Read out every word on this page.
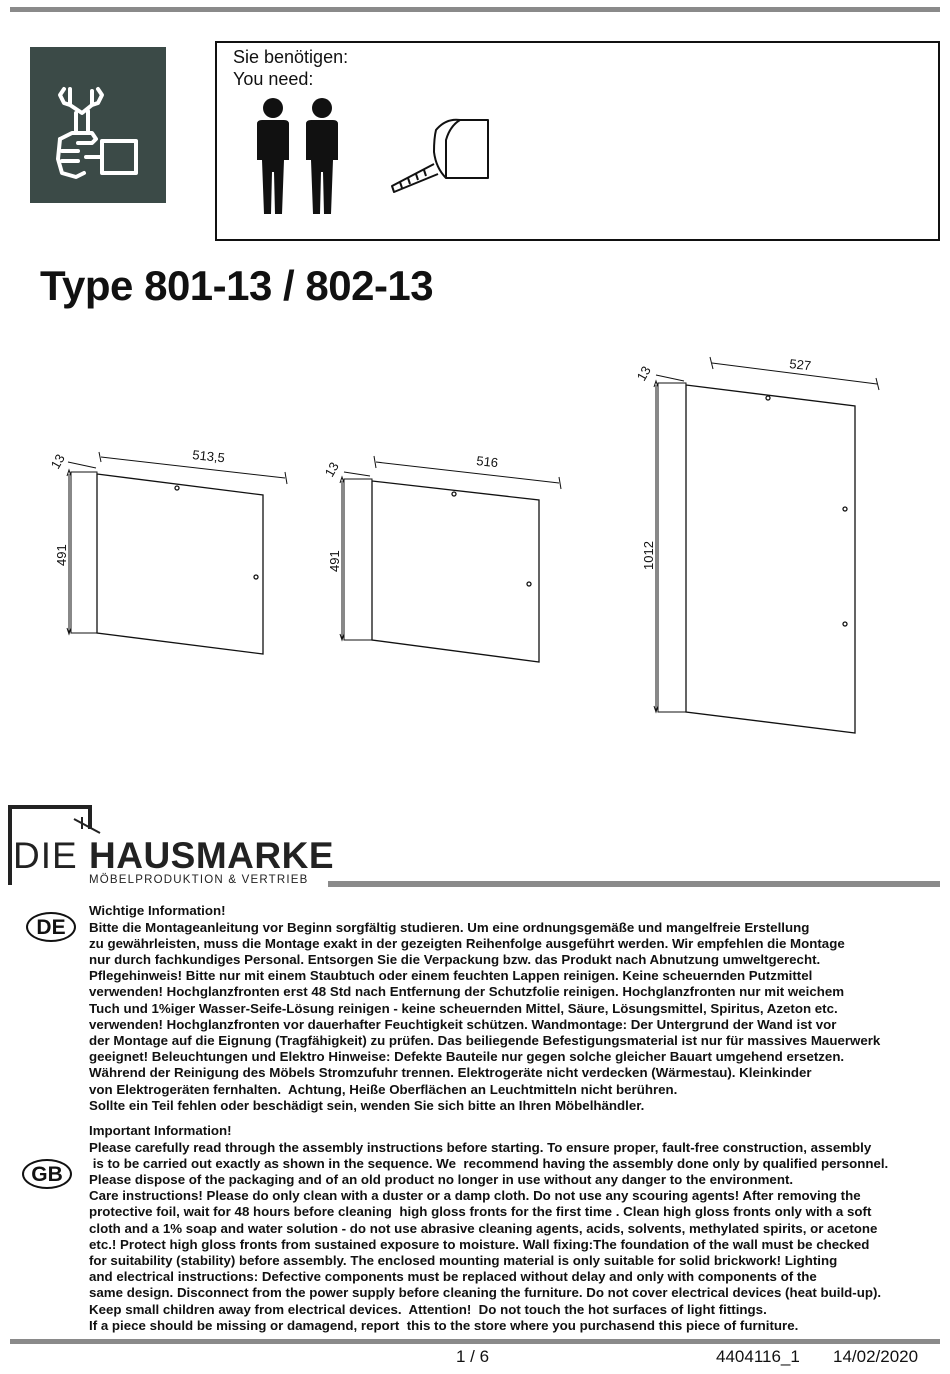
Sie benötigen:
You need:
Type 801-13 / 802-13
513,5
491
13	516
491
13
527
1012
13
DIE HAUSMARKE
MÖBELPRODUKTION & VERTRIEB
DE
Wichtige Information!
Bitte die Montageanleitung vor Beginn sorgfältig studieren. Um eine ordnungsgemäße und mangelfreie Erstellung
zu gewährleisten, muss die Montage exakt in der gezeigten Reihenfolge ausgeführt werden. Wir empfehlen die Montage
nur durch fachkundiges Personal. Entsorgen Sie die Verpackung bzw. das Produkt nach Abnutzung umweltgerecht.
Pflegehinweis! Bitte nur mit einem Staubtuch oder einem feuchten Lappen reinigen. Keine scheuernden Putzmittel
verwenden! Hochglanzfronten erst 48 Std nach Entfernung der Schutzfolie reinigen. Hochglanzfronten nur mit weichem
Tuch und 1%iger Wasser-Seife-Lösung reinigen - keine scheuernden Mittel, Säure, Lösungsmittel, Spiritus, Azeton etc.
verwenden! Hochglanzfronten vor dauerhafter Feuchtigkeit schützen. Wandmontage: Der Untergrund der Wand ist vor
der Montage auf die Eignung (Tragfähigkeit) zu prüfen. Das beiliegende Befestigungsmaterial ist nur für massives Mauerwerk
geeignet! Beleuchtungen und Elektro Hinweise: Defekte Bauteile nur gegen solche gleicher Bauart umgehend ersetzen.
Während der Reinigung des Möbels Stromzufuhr trennen. Elektrogeräte nicht verdecken (Wärmestau). Kleinkinder
von Elektrogeräten fernhalten.  Achtung, Heiße Oberflächen an Leuchtmitteln nicht berühren.
Sollte ein Teil fehlen oder beschädigt sein, wenden Sie sich bitte an Ihren Möbelhändler.
GB
Important Information!
Please carefully read through the assembly instructions before starting. To ensure proper, fault-free construction, assembly
is to be carried out exactly as shown in the sequence. We  recommend having the assembly done only by qualified personnel.
Please dispose of the packaging and of an old product no longer in use without any danger to the environment.
Care instructions! Please do only clean with a duster or a damp cloth. Do not use any scouring agents! After removing the
protective foil, wait for 48 hours before cleaning  high gloss fronts for the first time . Clean high gloss fronts only with a soft
cloth and a 1% soap and water solution - do not use abrasive cleaning agents, acids, solvents, methylated spirits, or acetone
etc.! Protect high gloss fronts from sustained exposure to moisture. Wall fixing:The foundation of the wall must be checked
for suitability (stability) before assembly. The enclosed mounting material is only suitable for solid brickwork! Lighting
and electrical instructions: Defective components must be replaced without delay and only with components of the
same design. Disconnect from the power supply before cleaning the furniture. Do not cover electrical devices (heat build-up).
Keep small children away from electrical devices.  Attention!  Do not touch the hot surfaces of light fittings.
If a piece should be missing or damagend, report  this to the store where you purchasend this piece of furniture.
1 / 6	4404116_1 14/02/2020
